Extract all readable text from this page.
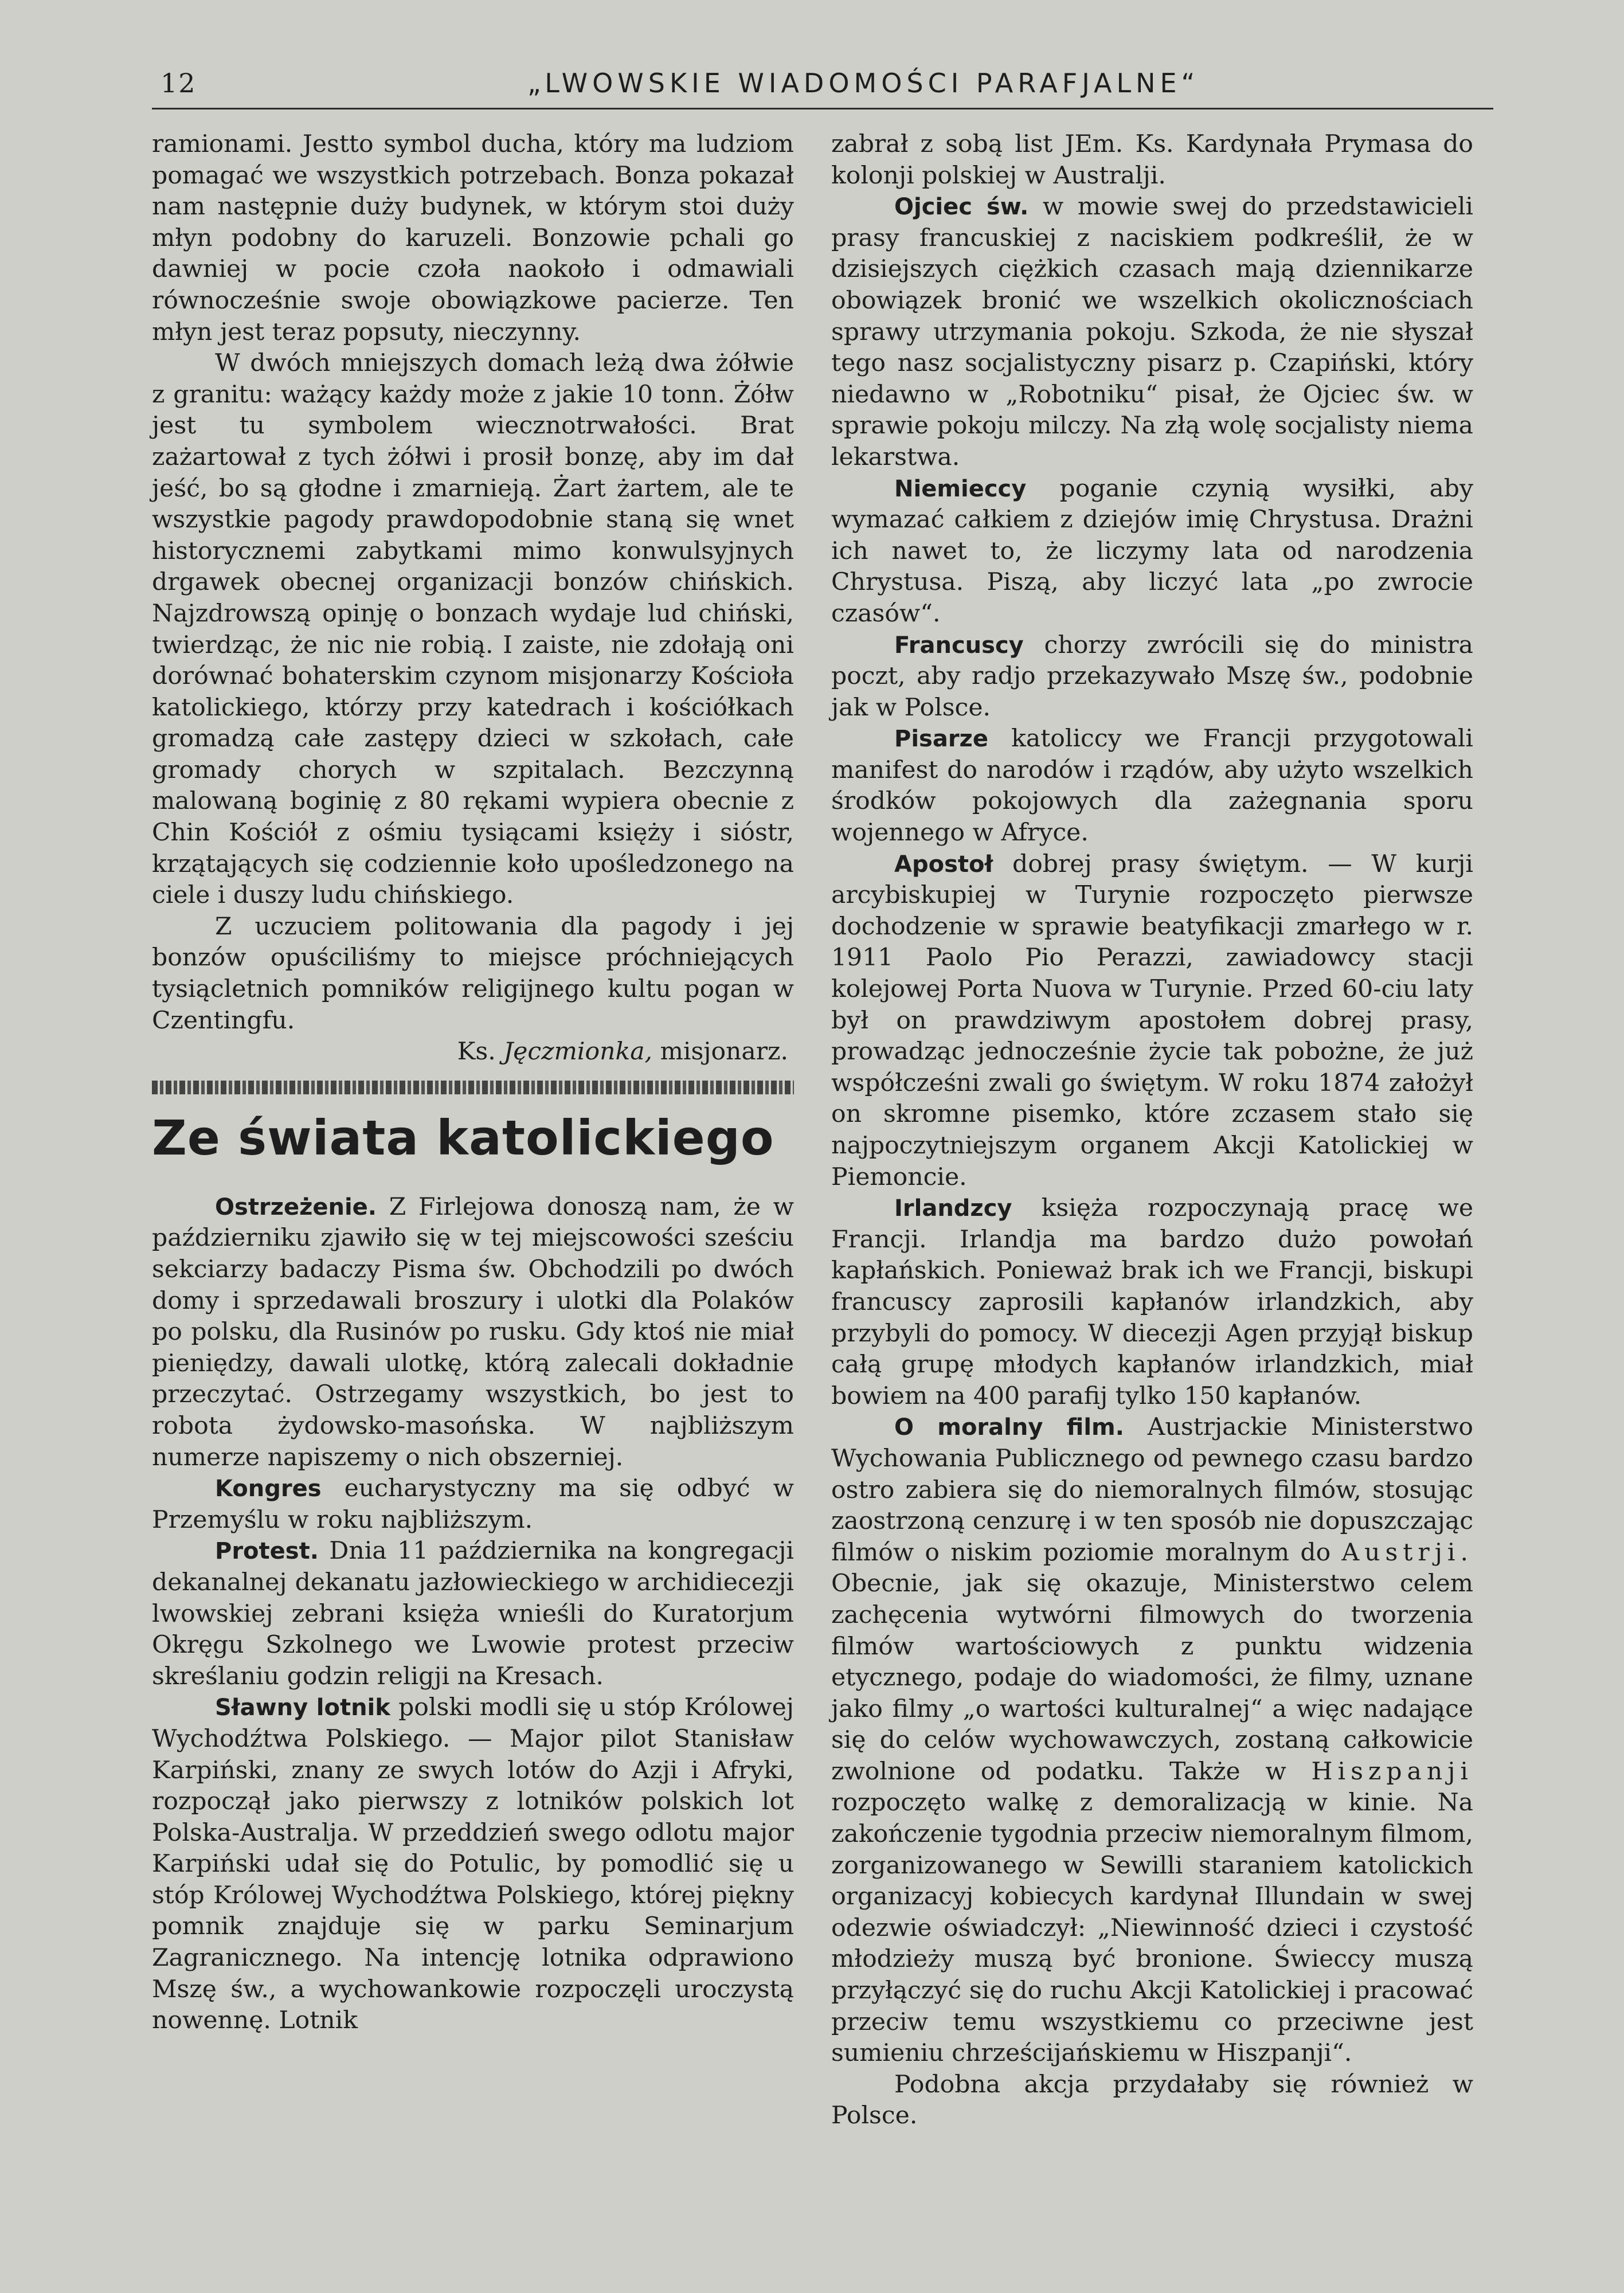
12	„LWOWSKIE WIADOMOŚCI PARAFJALNE“

ramionami. Jestto symbol ducha, który ma ludziom pomagać we wszystkich potrzebach. Bonza pokazał nam następnie duży budynek, w którym stoi duży młyn podobny do karuzeli. Bonzowie pchali go dawniej w pocie czoła naokoło i odmawiali równocześnie swoje obowiązkowe pacierze. Ten młyn jest teraz popsuty, nieczynny.

W dwóch mniejszych domach leżą dwa żółwie z granitu: ważący każdy może z jakie 10 tonn. Żółw jest tu symbolem wiecznotrwałości. Brat zażartował z tych żółwi i prosił bonzę, aby im dał jeść, bo są głodne i zmarnieją. Żart żartem, ale te wszystkie pagody prawdopodobnie staną się wnet historycznemi zabytkami mimo konwulsyjnych drgawek obecnej organizacji bonzów chińskich. Najzdrowszą opinję o bonzach wydaje lud chiński, twierdząc, że nic nie robią. I zaiste, nie zdołają oni dorównać bohaterskim czynom misjonarzy Kościoła katolickiego, którzy przy katedrach i kościółkach gromadzą całe zastępy dzieci w szkołach, całe gromady chorych w szpitalach. Bezczynną malowaną boginię z 80 rękami wypiera obecnie z Chin Kościół z ośmiu tysiącami księży i sióstr, krzątających się codziennie koło upośledzonego na ciele i duszy ludu chińskiego.

Z uczuciem politowania dla pagody i jej bonzów opuściliśmy to miejsce próchniejących tysiącletnich pomników religijnego kultu pogan w Czentingfu.

Ks. Jęczmionka, misjonarz.

Ze świata katolickiego

Ostrzeżenie. Z Firlejowa donoszą nam, że w październiku zjawiło się w tej miejscowości sześciu sekciarzy badaczy Pisma św. Obchodzili po dwóch domy i sprzedawali broszury i ulotki dla Polaków po polsku, dla Rusinów po rusku. Gdy ktoś nie miał pieniędzy, dawali ulotkę, którą zalecali dokładnie przeczytać. Ostrzegamy wszystkich, bo jest to robota żydowsko-masońska. W najbliższym numerze napiszemy o nich obszerniej.

Kongres eucharystyczny ma się odbyć w Przemyślu w roku najbliższym.

Protest. Dnia 11 października na kongregacji dekanalnej dekanatu jazłowieckiego w archidiecezji lwowskiej zebrani księża wnieśli do Kuratorjum Okręgu Szkolnego we Lwowie protest przeciw skreślaniu godzin religji na Kresach.

Sławny lotnik polski modli się u stóp Królowej Wychodźtwa Polskiego. — Major pilot Stanisław Karpiński, znany ze swych lotów do Azji i Afryki, rozpoczął jako pierwszy z lotników polskich lot Polska-Australja. W przeddzień swego odlotu major Karpiński udał się do Potulic, by pomodlić się u stóp Królowej Wychodźtwa Polskiego, której piękny pomnik znajduje się w parku Seminarjum Zagranicznego. Na intencję lotnika odprawiono Mszę św., a wychowankowie rozpoczęli uroczystą nowennę. Lotnik

zabrał z sobą list JEm. Ks. Kardynała Prymasa do kolonji polskiej w Australji.

Ojciec św. w mowie swej do przedstawicieli prasy francuskiej z naciskiem podkreślił, że w dzisiejszych ciężkich czasach mają dziennikarze obowiązek bronić we wszelkich okolicznościach sprawy utrzymania pokoju. Szkoda, że nie słyszał tego nasz socjalistyczny pisarz p. Czapiński, który niedawno w „Robotniku“ pisał, że Ojciec św. w sprawie pokoju milczy. Na złą wolę socjalisty niema lekarstwa.

Niemieccy poganie czynią wysiłki, aby wymazać całkiem z dziejów imię Chrystusa. Drażni ich nawet to, że liczymy lata od narodzenia Chrystusa. Piszą, aby liczyć lata „po zwrocie czasów“.

Francuscy chorzy zwrócili się do ministra poczt, aby radjo przekazywało Mszę św., podobnie jak w Polsce.

Pisarze katoliccy we Francji przygotowali manifest do narodów i rządów, aby użyto wszelkich środków pokojowych dla zażegnania sporu wojennego w Afryce.

Apostoł dobrej prasy świętym. — W kurji arcybiskupiej w Turynie rozpoczęto pierwsze dochodzenie w sprawie beatyfikacji zmarłego w r. 1911 Paolo Pio Perazzi, zawiadowcy stacji kolejowej Porta Nuova w Turynie. Przed 60-ciu laty był on prawdziwym apostołem dobrej prasy, prowadząc jednocześnie życie tak pobożne, że już współcześni zwali go świętym. W roku 1874 założył on skromne pisemko, które zczasem stało się najpoczytniejszym organem Akcji Katolickiej w Piemoncie.

Irlandzcy księża rozpoczynają pracę we Francji. Irlandja ma bardzo dużo powołań kapłańskich. Ponieważ brak ich we Francji, biskupi francuscy zaprosili kapłanów irlandzkich, aby przybyli do pomocy. W diecezji Agen przyjął biskup całą grupę młodych kapłanów irlandzkich, miał bowiem na 400 parafij tylko 150 kapłanów.

O moralny film. Austrjackie Ministerstwo Wychowania Publicznego od pewnego czasu bardzo ostro zabiera się do niemoralnych filmów, stosując zaostrzoną cenzurę i w ten sposób nie dopuszczając filmów o niskim poziomie moralnym do Austrji. Obecnie, jak się okazuje, Ministerstwo celem zachęcenia wytwórni filmowych do tworzenia filmów wartościowych z punktu widzenia etycznego, podaje do wiadomości, że filmy, uznane jako filmy „o wartości kulturalnej“ a więc nadające się do celów wychowawczych, zostaną całkowicie zwolnione od podatku. Także w Hiszpanji rozpoczęto walkę z demoralizacją w kinie. Na zakończenie tygodnia przeciw niemoralnym filmom, zorganizowanego w Sewilli staraniem katolickich organizacyj kobiecych kardynał Illundain w swej odezwie oświadczył: „Niewinność dzieci i czystość młodzieży muszą być bronione. Świeccy muszą przyłączyć się do ruchu Akcji Katolickiej i pracować przeciw temu wszystkiemu co przeciwne jest sumieniu chrześcijańskiemu w Hiszpanji“.

Podobna akcja przydałaby się również w Polsce.
